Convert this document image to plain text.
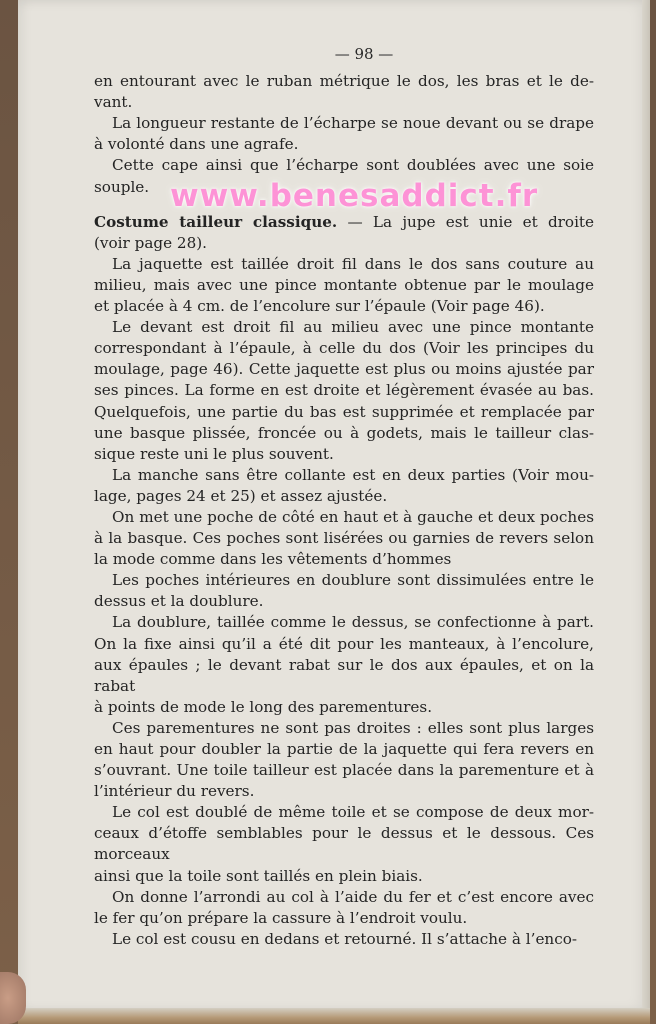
— 98 —

en entourant avec le ruban métrique le dos, les bras et le de-
vant.

La longueur restante de l’écharpe se noue devant ou se drape
à volonté dans une agrafe.

Cette cape ainsi que l’écharpe sont doublées avec une soie
souple.

Costume tailleur classique. — La jupe est unie et droite
(voir page 28).

La jaquette est taillée droit fil dans le dos sans couture au
milieu, mais avec une pince montante obtenue par le moulage
et placée à 4 cm. de l’encolure sur l’épaule (Voir page 46).

Le devant est droit fil au milieu avec une pince montante
correspondant à l’épaule, à celle du dos (Voir les principes du
moulage, page 46). Cette jaquette est plus ou moins ajustée par
ses pinces. La forme en est droite et légèrement évasée au bas.
Quelquefois, une partie du bas est supprimée et remplacée par
une basque plissée, froncée ou à godets, mais le tailleur clas-
sique reste uni le plus souvent.

La manche sans être collante est en deux parties (Voir mou-
lage, pages 24 et 25) et assez ajustée.

On met une poche de côté en haut et à gauche et deux poches
à la basque. Ces poches sont lisérées ou garnies de revers selon
la mode comme dans les vêtements d’hommes

Les poches intérieures en doublure sont dissimulées entre le
dessus et la doublure.

La doublure, taillée comme le dessus, se confectionne à part.
On la fixe ainsi qu’il a été dit pour les manteaux, à l’encolure,
aux épaules ; le devant rabat sur le dos aux épaules, et on la rabat
à points de mode le long des parementures.

Ces parementures ne sont pas droites : elles sont plus larges
en haut pour doubler la partie de la jaquette qui fera revers en
s’ouvrant. Une toile tailleur est placée dans la parementure et à
l’intérieur du revers.

Le col est doublé de même toile et se compose de deux mor-
ceaux d’étoffe semblables pour le dessus et le dessous. Ces morceaux
ainsi que la toile sont taillés en plein biais.

On donne l’arrondi au col à l’aide du fer et c’est encore avec
le fer qu’on prépare la cassure à l’endroit voulu.

Le col est cousu en dedans et retourné. Il s’attache à l’enco-

www.benesaddict.fr
